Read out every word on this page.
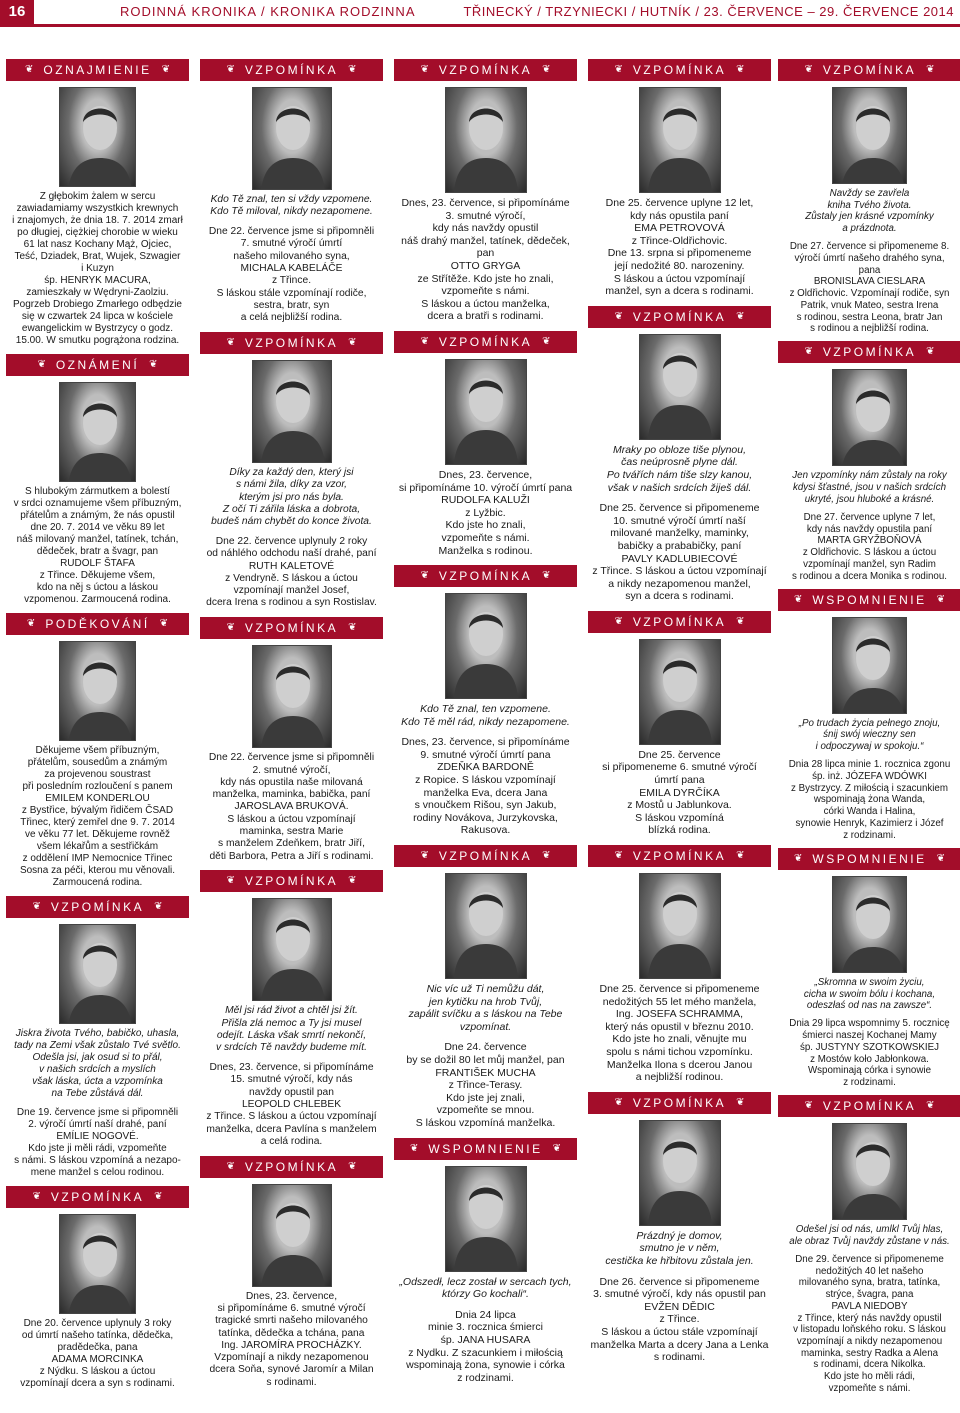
16	RODINNÁ KRONIKA / KRONIKA RODZINNA	TŘINECKÝ / TRZYNIECKI / HUTNÍK / 23. ČERVENCE – 29. ČERVENCE 2014
❦ OZNAJMIENIE ❦
Z głębokim żalem w sercu
zawiadamiamy wszystkich krewnych
i znajomych, że dnia 18. 7. 2014 zmarł
po długiej, ciężkiej chorobie w wieku
61 lat nasz Kochany Mąż, Ojciec,
Teść, Dziadek, Brat, Wujek, Szwagier
i Kuzyn
śp. HENRYK MACURA,
zamieszkały w Wędryni-Zaolziu.
Pogrzeb Drobiego Zmarłego odbędzie
się w czwartek 24 lipca w kościele
ewangelickim w Bystrzycy o godz.
15.00. W smutku pogrążona rodzina.
❦ OZNÁMENÍ ❦
S hlubokým zármutkem a bolestí
v srdci oznamujeme všem příbuzným,
přátelům a známým, že nás opustil
dne 20. 7. 2014 ve věku 89 let
náš milovaný manžel, tatínek, tchán,
dědeček, bratr a švagr, pan
RUDOLF ŠTAFA
z Třince. Děkujeme všem,
kdo na něj s úctou a láskou
vzpomenou. Zarmoucená rodina.
❦ PODĚKOVÁNÍ ❦
Děkujeme všem příbuzným,
přátelům, sousedům a známým
za projevenou soustrast
při posledním rozloučení s panem
EMILEM KONDERLOU
z Bystřice, bývalým řidičem ČSAD
Třinec, který zemřel dne 9. 7. 2014
ve věku 77 let. Děkujeme rovněž
všem lékařům a sestřičkám
z oddělení IMP Nemocnice Třinec
Sosna za péči, kterou mu věnovali.
Zarmoucená rodina.
❦ VZPOMÍNKA ❦
Jiskra života Tvého, babičko, uhasla,
tady na Zemi však zůstalo Tvé světlo.
Odešla jsi, jak osud si to přál,
v našich srdcích a myslích
však láska, úcta a vzpomínka
na Tebe zůstává dál.
Dne 19. července jsme si připomněli
2. výročí úmrtí naší drahé, paní
EMÍLIE NOGOVÉ.
Kdo jste ji měli rádi, vzpomeňte
s námi. S láskou vzpomíná a nezapo-
mene manžel s celou rodinou.
❦ VZPOMÍNKA ❦
Dne 20. července uplynuly 3 roky
od úmrtí našeho tatínka, dědečka,
pradědečka, pana
ADAMA MORCINKA
z Nýdku. S láskou a úctou
vzpomínají dcera a syn s rodinami.
❦ VZPOMÍNKA ❦
Kdo Tě znal, ten si vždy vzpomene.
Kdo Tě miloval, nikdy nezapomene.
Dne 22. července jsme si připomněli
7. smutné výročí úmrtí
našeho milovaného syna,
MICHALA KABELÁČE
z Třince.
S láskou stále vzpomínají rodiče,
sestra, bratr, syn
a celá nejbližší rodina.
❦ VZPOMÍNKA ❦
Díky za každý den, který jsi
s námi žila, díky za vzor,
kterým jsi pro nás byla.
Z očí Ti zářila láska a dobrota,
budeš nám chybět do konce života.
Dne 22. července uplynuly 2 roky
od náhlého odchodu naší drahé, paní
RUTH KALETOVÉ
z Vendryně. S láskou a úctou
vzpomínají manžel Josef,
dcera Irena s rodinou a syn Rostislav.
❦ VZPOMÍNKA ❦
Dne 22. července jsme si připomněli
2. smutné výročí,
kdy nás opustila naše milovaná
manželka, maminka, babička, paní
JAROSLAVA BRUKOVÁ.
S láskou a úctou vzpomínají
maminka, sestra Marie
s manželem Zdeňkem, bratr Jiří,
děti Barbora, Petra a Jiří s rodinami.
❦ VZPOMÍNKA ❦
Měl jsi rád život a chtěl jsi žít.
Přišla zlá nemoc a Ty jsi musel
odejít. Láska však smrtí nekončí,
v srdcích Tě navždy budeme mít.
Dnes, 23. července, si připomínáme
15. smutné výročí, kdy nás
navždy opustil pan
LEOPOLD CHLEBEK
z Třince. S láskou a úctou vzpomínají
manželka, dcera Pavlína s manželem
a celá rodina.
❦ VZPOMÍNKA ❦
Dnes, 23. července,
si připomínáme 6. smutné výročí
tragické smrti našeho milovaného
tatínka, dědečka a tchána, pana
Ing. JAROMÍRA PROCHÁZKY.
Vzpomínají a nikdy nezapomenou
dcera Soňa, synové Jaromír a Milan
s rodinami.
❦ VZPOMÍNKA ❦
Dnes, 23. července, si připomínáme
3. smutné výročí,
kdy nás navždy opustil
náš drahý manžel, tatínek, dědeček,
pan
OTTO GRYGA
ze Střítěže. Kdo jste ho znali,
vzpomeňte s námi.
S láskou a úctou manželka,
dcera a bratři s rodinami.
❦ VZPOMÍNKA ❦
Dnes, 23. července,
si připomínáme 10. výročí úmrtí pana
RUDOLFA KALUŽI
z Lyžbic.
Kdo jste ho znali,
vzpomeňte s námi.
Manželka s rodinou.
❦ VZPOMÍNKA ❦
Kdo Tě znal, ten vzpomene.
Kdo Tě měl rád, nikdy nezapomene.
Dnes, 23. července, si připomínáme
9. smutné výročí úmrtí pana
ZDEŇKA BARDONĚ
z Ropice. S láskou vzpomínají
manželka Eva, dcera Jana
s vnoučkem Rišou, syn Jakub,
rodiny Novákova, Jurzykovska,
Rakusova.
❦ VZPOMÍNKA ❦
Nic víc už Ti nemůžu dát,
jen kytičku na hrob Tvůj,
zapálit svíčku a s láskou na Tebe
vzpomínat.
Dne 24. července
by se dožil 80 let můj manžel, pan
FRANTIŠEK MUCHA
z Třince-Terasy.
Kdo jste jej znali,
vzpomeňte se mnou.
S láskou vzpomíná manželka.
❦ WSPOMNIENIE ❦
„Odszedł, lecz został w sercach tych,
którzy Go kochali“.
Dnia 24 lipca
minie 3. rocznica śmierci
śp. JANA HUSARA
z Nydku. Z szacunkiem i miłością
wspominają żona, synowie i córka
z rodzinami.
❦ VZPOMÍNKA ❦
Dne 25. července uplyne 12 let,
kdy nás opustila paní
EMA PETROVOVÁ
z Třince-Oldřichovic.
Dne 13. srpna si připomeneme
její nedožité 80. narozeniny.
S láskou a úctou vzpomínají
manžel, syn a dcera s rodinami.
❦ VZPOMÍNKA ❦
Mraky po obloze tiše plynou,
čas neúprosně plyne dál.
Po tvářích nám tiše slzy kanou,
však v našich srdcích žiješ dál.
Dne 25. července si připomeneme
10. smutné výročí úmrtí naší
milované manželky, maminky,
babičky a prababičky, paní
PAVLY KADLUBIECOVÉ
z Třince. S láskou a úctou vzpomínají
a nikdy nezapomenou manžel,
syn a dcera s rodinami.
❦ VZPOMÍNKA ❦
Dne 25. července
si připomeneme 6. smutné výročí
úmrtí pana
EMILA DYRČÍKA
z Mostů u Jablunkova.
S láskou vzpomíná
blízká rodina.
❦ VZPOMÍNKA ❦
Dne 25. července si připomeneme
nedožitých 55 let mého manžela,
Ing. JOSEFA SCHRAMMA,
který nás opustil v březnu 2010.
Kdo jste ho znali, věnujte mu
spolu s námi tichou vzpomínku.
Manželka Ilona s dcerou Janou
a nejbližší rodinou.
❦ VZPOMÍNKA ❦
Prázdný je domov,
smutno je v něm,
cestička ke hřbitovu zůstala jen.
Dne 26. července si připomeneme
3. smutné výročí, kdy nás opustil pan
EVŽEN DĚDIC
z Třince.
S láskou a úctou stále vzpomínají
manželka Marta a dcery Jana a Lenka
s rodinami.
❦ VZPOMÍNKA ❦
Navždy se zavřela
kniha Tvého života.
Zůstaly jen krásné vzpomínky
a prázdnota.
Dne 27. července si připomeneme 8.
výročí úmrtí našeho drahého syna,
pana
BRONISLAVA CIESLARA
z Oldřichovic. Vzpomínají rodiče, syn
Patrik, vnuk Mateo, sestra Irena
s rodinou, sestra Leona, bratr Jan
s rodinou a nejbližší rodina.
❦ VZPOMÍNKA ❦
Jen vzpomínky nám zůstaly na roky
kdysi šťastné, jsou v našich srdcích
ukryté, jsou hluboké a krásné.
Dne 27. července uplyne 7 let,
kdy nás navždy opustila paní
MARTA GRYŽBOŇOVÁ
z Oldřichovic. S láskou a úctou
vzpomínají manžel, syn Radim
s rodinou a dcera Monika s rodinou.
❦ WSPOMNIENIE ❦
„Po trudach życia pełnego znoju,
śnij swój wieczny sen
i odpoczywaj w spokoju.“
Dnia 28 lipca minie 1. rocznica zgonu
śp. inż. JÓZEFA WDÓWKI
z Bystrzycy. Z miłością i szacunkiem
wspominają żona Wanda,
córki Wanda i Halina,
synowie Henryk, Kazimierz i Józef
z rodzinami.
❦ WSPOMNIENIE ❦
„Skromna w swoim życiu,
cicha w swoim bólu i kochana,
odeszłaś od nas na zawsze“.
Dnia 29 lipca wspomnimy 5. rocznicę
śmierci naszej Kochanej Mamy
śp. JUSTYNY SZOTKOWSKIEJ
z Mostów koło Jabłonkowa.
Wspominają córka i synowie
z rodzinami.
❦ VZPOMÍNKA ❦
Odešel jsi od nás, umlkl Tvůj hlas,
ale obraz Tvůj navždy zůstane v nás.
Dne 29. července si připomeneme
nedožitých 40 let našeho
milovaného syna, bratra, tatínka,
strýce, švagra, pana
PAVLA NIEDOBY
z Třince, který nás navždy opustil
v listopadu loňského roku. S láskou
vzpomínají a nikdy nezapomenou
maminka, sestry Radka a Alena
s rodinami, dcera Nikolka.
Kdo jste ho měli rádi,
vzpomeňte s námi.
